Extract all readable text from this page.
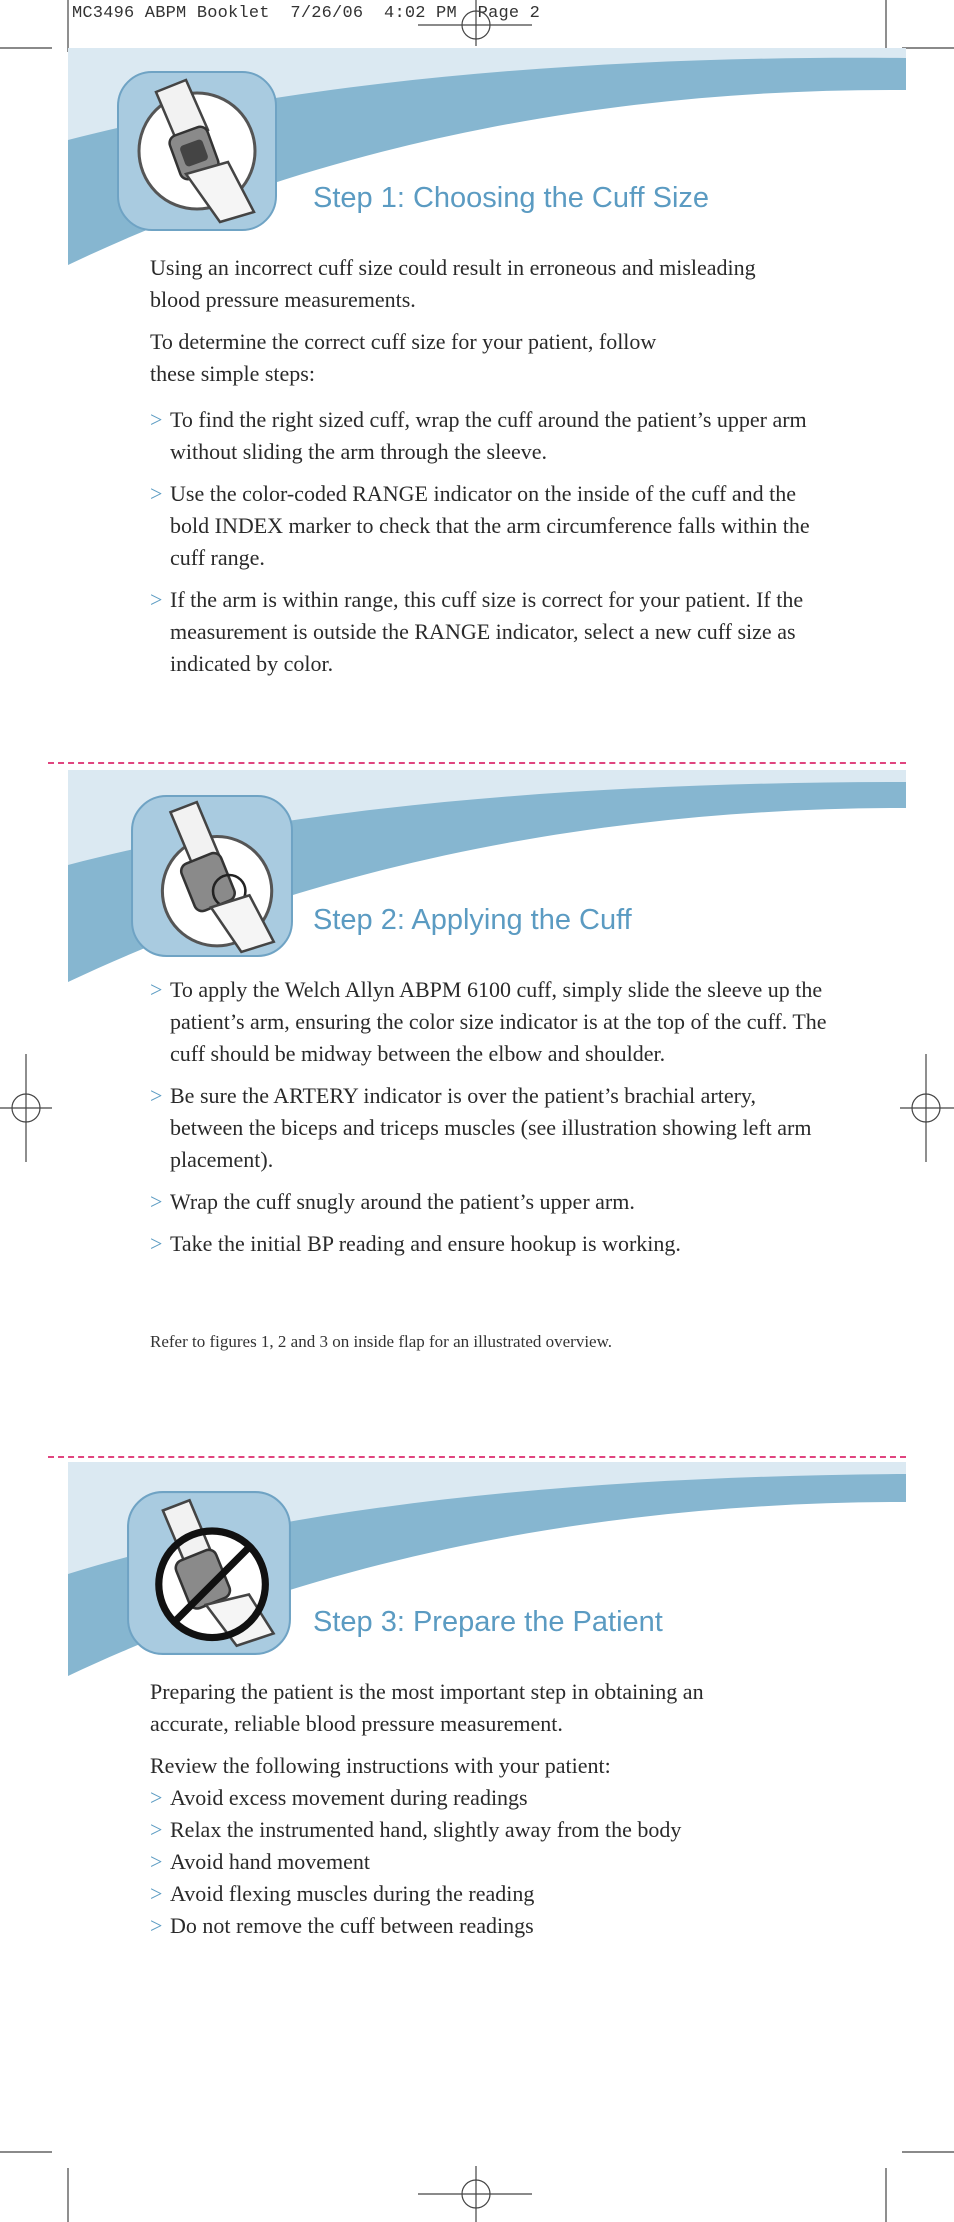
MC3496 ABPM Booklet  7/26/06  4:02 PM  Page 2
Step 1: Choosing the Cuff Size

Using an incorrect cuff size could result in erroneous and misleading blood pressure measurements.

To determine the correct cuff size for your patient, follow these simple steps:

> To find the right sized cuff, wrap the cuff around the patient’s upper arm without sliding the arm through the sleeve.
> Use the color-coded RANGE indicator on the inside of the cuff and the bold INDEX marker to check that the arm circumference falls within the cuff range.
> If the arm is within range, this cuff size is correct for your patient. If the measurement is outside the RANGE indicator, select a new cuff size as indicated by color.
Step 2: Applying the Cuff
> To apply the Welch Allyn ABPM 6100 cuff, simply slide the sleeve up the patient’s arm, ensuring the color size indicator is at the top of the cuff. The cuff should be midway between the elbow and shoulder.
> Be sure the ARTERY indicator is over the patient’s brachial artery, between the biceps and triceps muscles (see illustration showing left arm placement).
> Wrap the cuff snugly around the patient’s upper arm.
> Take the initial BP reading and ensure hookup is working.
Refer to figures 1, 2 and 3 on inside flap for an illustrated overview.
Step 3: Prepare the Patient

Preparing the patient is the most important step in obtaining an accurate, reliable blood pressure measurement.

Review the following instructions with your patient:

> Avoid excess movement during readings
> Relax the instrumented hand, slightly away from the body
> Avoid hand movement
> Avoid flexing muscles during the reading
> Do not remove the cuff between readings
